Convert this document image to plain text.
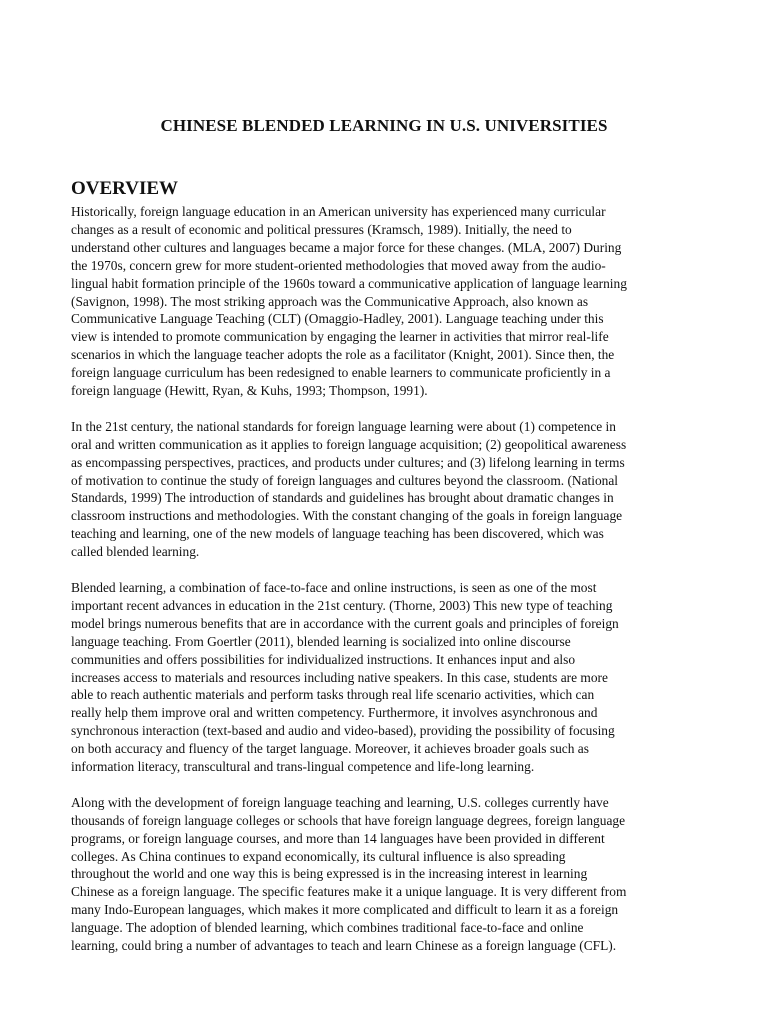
CHINESE BLENDED LEARNING IN U.S. UNIVERSITIES
OVERVIEW

Historically, foreign language education in an American university has experienced many curricular
changes as a result of economic and political pressures (Kramsch, 1989). Initially, the need to
understand other cultures and languages became a major force for these changes. (MLA, 2007) During
the 1970s, concern grew for more student-oriented methodologies that moved away from the audio-
lingual habit formation principle of the 1960s toward a communicative application of language learning
(Savignon, 1998). The most striking approach was the Communicative Approach, also known as
Communicative Language Teaching (CLT) (Omaggio-Hadley, 2001). Language teaching under this
view is intended to promote communication by engaging the learner in activities that mirror real-life
scenarios in which the language teacher adopts the role as a facilitator (Knight, 2001). Since then, the
foreign language curriculum has been redesigned to enable learners to communicate proficiently in a
foreign language (Hewitt, Ryan, & Kuhs, 1993; Thompson, 1991).

In the 21st century, the national standards for foreign language learning were about (1) competence in
oral and written communication as it applies to foreign language acquisition; (2) geopolitical awareness
as encompassing perspectives, practices, and products under cultures; and (3) lifelong learning in terms
of motivation to continue the study of foreign languages and cultures beyond the classroom. (National
Standards, 1999) The introduction of standards and guidelines has brought about dramatic changes in
classroom instructions and methodologies. With the constant changing of the goals in foreign language
teaching and learning, one of the new models of language teaching has been discovered, which was
called blended learning.

Blended learning, a combination of face-to-face and online instructions, is seen as one of the most
important recent advances in education in the 21st century. (Thorne, 2003) This new type of teaching
model brings numerous benefits that are in accordance with the current goals and principles of foreign
language teaching. From Goertler (2011), blended learning is socialized into online discourse
communities and offers possibilities for individualized instructions. It enhances input and also
increases access to materials and resources including native speakers. In this case, students are more
able to reach authentic materials and perform tasks through real life scenario activities, which can
really help them improve oral and written competency. Furthermore, it involves asynchronous and
synchronous interaction (text-based and audio and video-based), providing the possibility of focusing
on both accuracy and fluency of the target language. Moreover, it achieves broader goals such as
information literacy, transcultural and trans-lingual competence and life-long learning.

Along with the development of foreign language teaching and learning, U.S. colleges currently have
thousands of foreign language colleges or schools that have foreign language degrees, foreign language
programs, or foreign language courses, and more than 14 languages have been provided in different
colleges. As China continues to expand economically, its cultural influence is also spreading
throughout the world and one way this is being expressed is in the increasing interest in learning
Chinese as a foreign language. The specific features make it a unique language. It is very different from
many Indo-European languages, which makes it more complicated and difficult to learn it as a foreign
language. The adoption of blended learning, which combines traditional face-to-face and online
learning, could bring a number of advantages to teach and learn Chinese as a foreign language (CFL).
